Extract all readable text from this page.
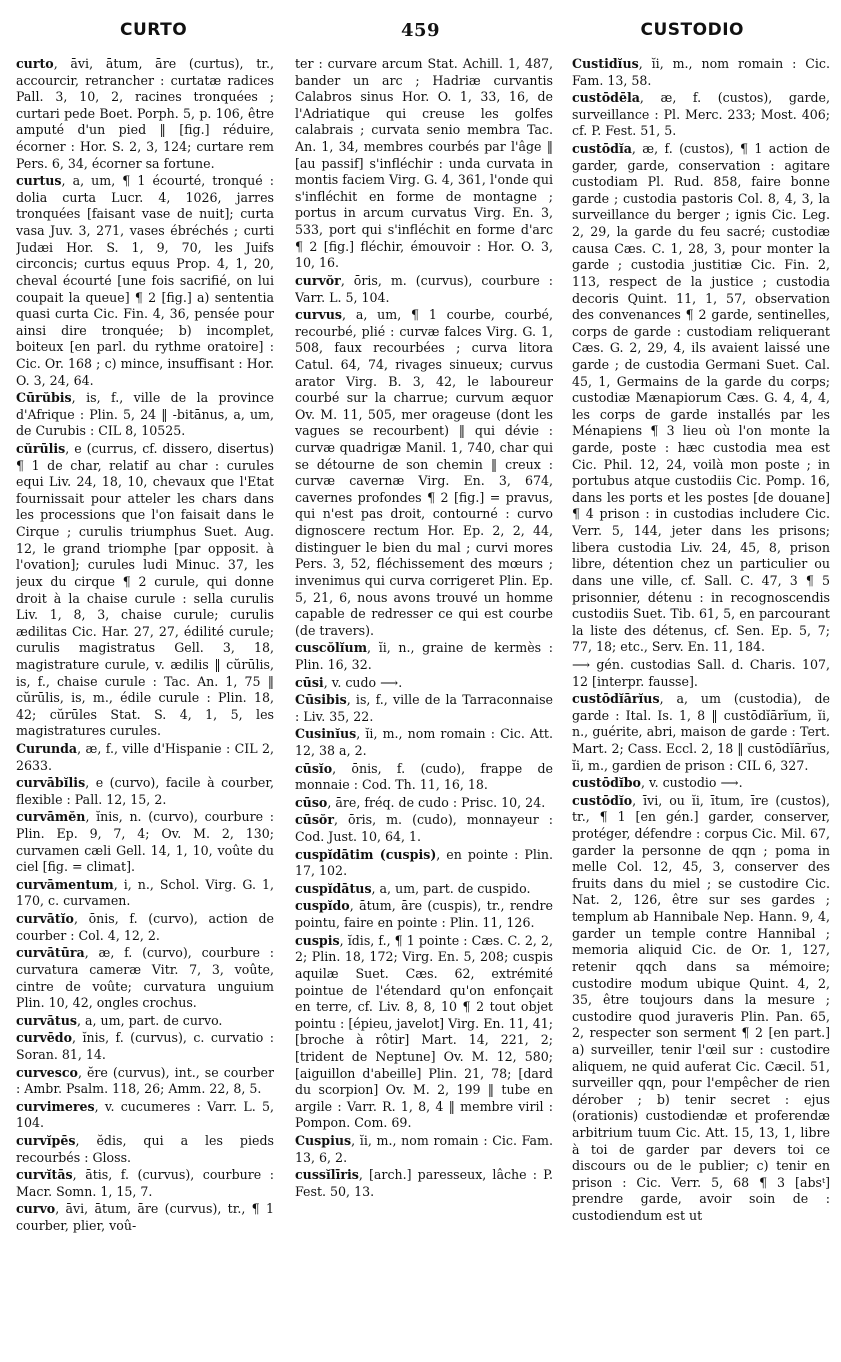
CURTO	459	CUSTODIO
curto, āvi, ātum, āre (curtus), tr., accourcir, retrancher : curtatæ radices Pall. 3, 10, 2, racines tronquées ; curtari pede Boet. Porph. 5, p. 106, être amputé d'un pied ‖ [fig.] réduire, écorner : Hor. S. 2, 3, 124; curtare rem Pers. 6, 34, écorner sa fortune.
curtus, a, um, ¶ 1 écourté, tronqué : dolia curta Lucr. 4, 1026, jarres tronquées [faisant vase de nuit]; curta vasa Juv. 3, 271, vases ébréchés ; curti Judæi Hor. S. 1, 9, 70, les Juifs circoncis; curtus equus Prop. 4, 1, 20, cheval écourté [une fois sacrifié, on lui coupait la queue] ¶ 2 [fig.] a) sententia quasi curta Cic. Fin. 4, 36, pensée pour ainsi dire tronquée; b) incomplet, boiteux [en parl. du rythme oratoire] : Cic. Or. 168 ; c) mince, insuffisant : Hor. O. 3, 24, 64.
Cūrŭbis, is, f., ville de la province d'Afrique : Plin. 5, 24 ‖ -bitānus, a, um, de Curubis : CIL 8, 10525.
cŭrūlis, e (currus, cf. dissero, disertus) ¶ 1 de char, relatif au char : curules equi Liv. 24, 18, 10, chevaux que l'Etat fournissait pour atteler les chars dans les processions que l'on faisait dans le Cirque ; curulis triumphus Suet. Aug. 12, le grand triomphe [par opposit. à l'ovation]; curules ludi Minuc. 37, les jeux du cirque ¶ 2 curule, qui donne droit à la chaise curule : sella curulis Liv. 1, 8, 3, chaise curule; curulis ædilitas Cic. Har. 27, 27, édilité curule; curulis magistratus Gell. 3, 18, magistrature curule, v. ædilis ‖ cŭrūlis, is, f., chaise curule : Tac. An. 1, 75 ‖ cŭrūlis, is, m., édile curule : Plin. 18, 42; cŭrūles Stat. S. 4, 1, 5, les magistratures curules.
Curunda, æ, f., ville d'Hispanie : CIL 2, 2633.
curvābĭlis, e (curvo), facile à courber, flexible : Pall. 12, 15, 2.
curvāmĕn, ĭnis, n. (curvo), courbure : Plin. Ep. 9, 7, 4; Ov. M. 2, 130; curvamen cæli Gell. 14, 1, 10, voûte du ciel [fig. = climat].
curvāmentum, i, n., Schol. Virg. G. 1, 170, c. curvamen.
curvātĭo, ōnis, f. (curvo), action de courber : Col. 4, 12, 2.
curvātūra, æ, f. (curvo), courbure : curvatura cameræ Vitr. 7, 3, voûte, cintre de voûte; curvatura unguium Plin. 10, 42, ongles crochus.
curvātus, a, um, part. de curvo.
curvēdo, ĭnis, f. (curvus), c. curvatio : Soran. 81, 14.
curvesco, ĕre (curvus), int., se courber : Ambr. Psalm. 118, 26; Amm. 22, 8, 5.
curvimeres, v. cucumeres : Varr. L. 5, 104.
curvĭpēs, ĕdis, qui a les pieds recourbés : Gloss.
curvĭtās, ātis, f. (curvus), courbure : Macr. Somn. 1, 15, 7.
curvo, āvi, ātum, āre (curvus), tr., ¶ 1 courber, plier, voû-
ter : curvare arcum Stat. Achill. 1, 487, bander un arc ; Hadriæ curvantis Calabros sinus Hor. O. 1, 33, 16, de l'Adriatique qui creuse les golfes calabrais ; curvata senio membra Tac. An. 1, 34, membres courbés par l'âge ‖ [au passif] s'infléchir : unda curvata in montis faciem Virg. G. 4, 361, l'onde qui s'infléchit en forme de montagne ; portus in arcum curvatus Virg. En. 3, 533, port qui s'infléchit en forme d'arc ¶ 2 [fig.] fléchir, émouvoir : Hor. O. 3, 10, 16.
curvŏr, ōris, m. (curvus), courbure : Varr. L. 5, 104.
curvus, a, um, ¶ 1 courbe, courbé, recourbé, plié : curvæ falces Virg. G. 1, 508, faux recourbées ; curva litora Catul. 64, 74, rivages sinueux; curvus arator Virg. B. 3, 42, le laboureur courbé sur la charrue; curvum æquor Ov. M. 11, 505, mer orageuse (dont les vagues se recourbent) ‖ qui dévie : curvæ quadrigæ Manil. 1, 740, char qui se détourne de son chemin ‖ creux : curvæ cavernæ Virg. En. 3, 674, cavernes profondes ¶ 2 [fig.] = pravus, qui n'est pas droit, contourné : curvo dignoscere rectum Hor. Ep. 2, 2, 44, distinguer le bien du mal ; curvi mores Pers. 3, 52, fléchissement des mœurs ; invenimus qui curva corrigeret Plin. Ep. 5, 21, 6, nous avons trouvé un homme capable de redresser ce qui est courbe (de travers).
cuscŏlĭum, ĭi, n., graine de kermès : Plin. 16, 32.
cūsi, v. cudo ⟶.
Cūsibis, is, f., ville de la Tarraconnaise : Liv. 35, 22.
Cusinĭus, ĭi, m., nom romain : Cic. Att. 12, 38 a, 2.
cūsĭo, ōnis, f. (cudo), frappe de monnaie : Cod. Th. 11, 16, 18.
cūso, āre, fréq. de cudo : Prisc. 10, 24.
cūsŏr, ōris, m. (cudo), monnayeur : Cod. Just. 10, 64, 1.
cuspĭdātim (cuspis), en pointe : Plin. 17, 102.
cuspĭdātus, a, um, part. de cuspido.
cuspĭdo, ātum, āre (cuspis), tr., rendre pointu, faire en pointe : Plin. 11, 126.
cuspis, ĭdis, f., ¶ 1 pointe : Cæs. C. 2, 2, 2; Plin. 18, 172; Virg. En. 5, 208; cuspis aquilæ Suet. Cæs. 62, extrémité pointue de l'étendard qu'on enfonçait en terre, cf. Liv. 8, 8, 10 ¶ 2 tout objet pointu : [épieu, javelot] Virg. En. 11, 41; [broche à rôtir] Mart. 14, 221, 2; [trident de Neptune] Ov. M. 12, 580; [aiguillon d'abeille] Plin. 21, 78; [dard du scorpion] Ov. M. 2, 199 ‖ tube en argile : Varr. R. 1, 8, 4 ‖ membre viril : Pompon. Com. 69.
Cuspius, ĭi, m., nom romain : Cic. Fam. 13, 6, 2.
cussĭlīris, [arch.] paresseux, lâche : P. Fest. 50, 13.
Custidĭus, ĭi, m., nom romain : Cic. Fam. 13, 58.
custōdēla, æ, f. (custos), garde, surveillance : Pl. Merc. 233; Most. 406; cf. P. Fest. 51, 5.
custōdĭa, æ, f. (custos), ¶ 1 action de garder, garde, conservation : agitare custodiam Pl. Rud. 858, faire bonne garde ; custodia pastoris Col. 8, 4, 3, la surveillance du berger ; ignis Cic. Leg. 2, 29, la garde du feu sacré; custodiæ causa Cæs. C. 1, 28, 3, pour monter la garde ; custodia justitiæ Cic. Fin. 2, 113, respect de la justice ; custodia decoris Quint. 11, 1, 57, observation des convenances ¶ 2 garde, sentinelles, corps de garde : custodiam reliquerant Cæs. G. 2, 29, 4, ils avaient laissé une garde ; de custodia Germani Suet. Cal. 45, 1, Germains de la garde du corps; custodiæ Mænapiorum Cæs. G. 4, 4, 4, les corps de garde installés par les Ménapiens ¶ 3 lieu où l'on monte la garde, poste : hæc custodia mea est Cic. Phil. 12, 24, voilà mon poste ; in portubus atque custodiis Cic. Pomp. 16, dans les ports et les postes [de douane] ¶ 4 prison : in custodias includere Cic. Verr. 5, 144, jeter dans les prisons; libera custodia Liv. 24, 45, 8, prison libre, détention chez un particulier ou dans une ville, cf. Sall. C. 47, 3 ¶ 5 prisonnier, détenu : in recognoscendis custodiis Suet. Tib. 61, 5, en parcourant la liste des détenus, cf. Sen. Ep. 5, 7; 77, 18; etc., Serv. En. 11, 184.
⟶ gén. custodias Sall. d. Charis. 107, 12 [interpr. fausse].
custōdĭārĭus, a, um (custodia), de garde : Ital. Is. 1, 8 ‖ custōdĭārĭum, ĭi, n., guérite, abri, maison de garde : Tert. Mart. 2; Cass. Eccl. 2, 18 ‖ custōdĭārĭus, ĭi, m., gardien de prison : CIL 6, 327.
custōdĭbo, v. custodio ⟶.
custōdĭo, īvi, ou ĭi, ītum, īre (custos), tr., ¶ 1 [en gén.] garder, conserver, protéger, défendre : corpus Cic. Mil. 67, garder la personne de qqn ; poma in melle Col. 12, 45, 3, conserver des fruits dans du miel ; se custodire Cic. Nat. 2, 126, être sur ses gardes ; templum ab Hannibale Nep. Hann. 9, 4, garder un temple contre Hannibal ; memoria aliquid Cic. de Or. 1, 127, retenir qqch dans sa mémoire; custodire modum ubique Quint. 4, 2, 35, être toujours dans la mesure ; custodire quod juraveris Plin. Pan. 65, 2, respecter son serment ¶ 2 [en part.] a) surveiller, tenir l'œil sur : custodire aliquem, ne quid auferat Cic. Cæcil. 51, surveiller qqn, pour l'empêcher de rien dérober ; b) tenir secret : ejus (orationis) custodiendæ et proferendæ arbitrium tuum Cic. Att. 15, 13, 1, libre à toi de garder par devers toi ce discours ou de le publier; c) tenir en prison : Cic. Verr. 5, 68 ¶ 3 [absᵗ] prendre garde, avoir soin de : custodiendum est ut
